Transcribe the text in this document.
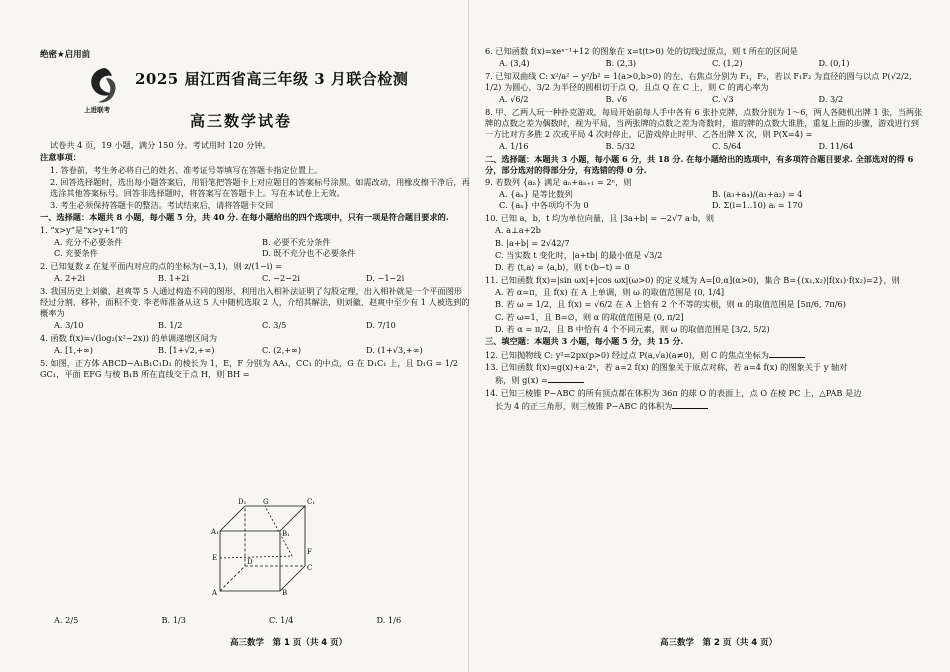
绝密★启用前
上进联考
2025 届江西省高三年级 3 月联合检测
高三数学试卷

试卷共 4 页，19 小题，满分 150 分。考试用时 120 分钟。

注意事项：

1. 答卷前，考生务必将自己的姓名、准考证号等填写在答题卡指定位置上。

2. 回答选择题时，选出每小题答案后，用铅笔把答题卡上对应题目的答案标号涂黑。如需改动，用橡皮擦干净后，再选涂其他答案标号。回答非选择题时，将答案写在答题卡上。写在本试卷上无效。

3. 考生必须保持答题卡的整洁。考试结束后，请将答题卡交回

一、选择题：本题共 8 小题，每小题 5 分，共 40 分. 在每小题给出的四个选项中，只有一项是符合题目要求的.

1. “x>y”是“x>y+1”的

A. 充分不必要条件	B. 必要不充分条件
C. 充要条件	D. 既不充分也不必要条件

2. 已知复数 z 在复平面内对应的点的坐标为(−3,1)，则 z/(1−i) =

A. 2+2i	B. 1+2i	C. −2−2i	D. −1−2i

3. 我国历史上刘徽、赵爽等 5 人通过构造不同的图形，利用出入相补法证明了勾股定理，出入相补就是一个平面图形经过分割、移补，面积不变. 李老师准备从这 5 人中随机选取 2 人，介绍其解法，则刘徽、赵爽中至少有 1 人被选到的概率为

A. 3/10	B. 1/2	C. 3/5	D. 7/10

4. 函数 f(x)=√(log₂(x²−2x)) 的单调递增区间为

A. [1,+∞)	B. [1+√2,+∞)	C. (2,+∞)	D. (1+√3,+∞)

5. 如图，正方体 ABCD−A₁B₁C₁D₁ 的棱长为 1，E，F 分别为 AA₁，CC₁ 的中点，G 在 D₁C₁ 上，且 D₁G = 1/2 GC₁，平面 EFG 与棱 B₁B 所在直线交于点 H，则 BH =

D₁ G	C₁
A₁	B₁
E
F
D
C
A	B
A. 2/5	B. 1/3	C. 1/4	D. 1/6
高三数学　第 1 页（共 4 页）

6. 已知函数 f(x)=xeˣ⁻¹+12 的图象在 x=t(t>0) 处的切线过原点，则 t 所在的区间是

A. (3,4)	B. (2,3)	C. (1,2)	D. (0,1)

7. 已知双曲线 C: x²/a² − y²/b² = 1(a>0,b>0) 的左、右焦点分别为 F₁，F₂，若以 F₁F₂ 为直径的圆与以点 P(√2/2, 1/2) 为圆心，3/2 为半径的圆相切于点 Q，且点 Q 在 C 上，则 C 的离心率为

A. √6/2	B. √6	C. √3	D. 3/2

8. 甲、乙两人玩一种扑克游戏，每局开始前每人手中各有 6 张扑克牌，点数分别为 1～6，两人各随机出牌 1 张，当两张牌的点数之差为偶数时，视为平局，当两张牌的点数之差为奇数时，谁的牌的点数大谁胜，重复上面的步骤，游戏进行到一方比对方多胜 2 次或平局 4 次时停止，记游戏停止时甲、乙各出牌 X 次，则 P(X=4) =

A. 1/16	B. 5/32	C. 5/64	D. 11/64

二、选择题：本题共 3 小题，每小题 6 分，共 18 分. 在每小题给出的选项中，有多项符合题目要求. 全部选对的得 6 分，部分选对的得部分分，有选错的得 0 分.

9. 若数列 {aₙ} 满足 aₙ+aₙ₊₁ = 2ⁿ，则

A. {aₙ} 是等比数列	B. (a₃+a₄)/(a₁+a₂) = 4
C. {aₙ} 中各项均不为 0	D. Σ(i=1..10) aᵢ = 170

10. 已知 a，b，t 均为单位向量，且 |3a+b| = −2√7 a·b，则

A. a⊥a+2b

B. |a+b| = 2√42/7

C. 当实数 t 变化时，|a+tb| 的最小值是 √3/2

D. 若 ⟨t,a⟩ = ⟨a,b⟩，则 t·(b−t) = 0

11. 已知函数 f(x)=|sin ωx|+|cos ωx|(ω>0) 的定义域为 A=[0,α](α>0)，集合 B={(x₁,x₂)|f(x₁)·f(x₂)=2}，则

A. 若 α=π，且 f(x) 在 A 上单调，则 ω 的取值范围是 (0, 1/4]

B. 若 ω = 1/2，且 f(x) = √6/2 在 A 上恰有 2 个不等的实根，则 α 的取值范围是 [5π/6, 7π/6)

C. 若 ω=1，且 B=∅，则 α 的取值范围是 (0, π/2]

D. 若 α = π/2，且 B 中恰有 4 个不同元素，则 ω 的取值范围是 [3/2, 5/2)

三、填空题：本题共 3 小题，每小题 5 分，共 15 分.

12. 已知抛物线 C: y²=2px(p>0) 经过点 P(a,√a)(a≠0)，则 C 的焦点坐标为

13. 已知函数 f(x)=g(x)+a·2ˣ，若 a=2 f(x) 的图象关于原点对称，若 a=4 f(x) 的图象关于 y 轴对

称，则 g(x) =

14. 已知三棱锥 P−ABC 的所有顶点都在体积为 36π 的球 O 的表面上，点 O 在棱 PC 上，△PAB 是边

长为 4 的正三角形，则三棱锥 P−ABC 的体积为

高三数学　第 2 页（共 4 页）
